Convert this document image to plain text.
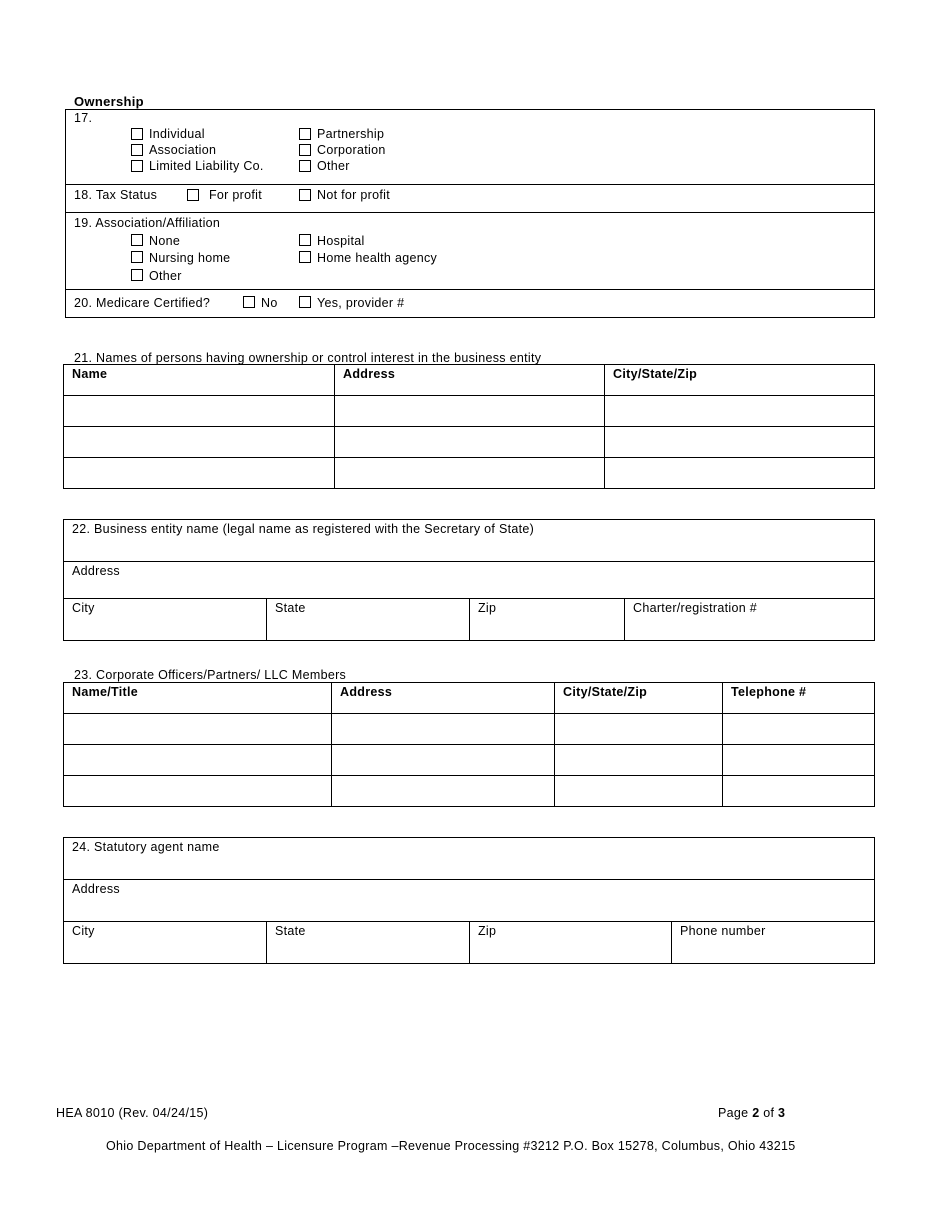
Ownership
17.
Individual
Association
Limited Liability Co.
Partnership
Corporation
Other
18. Tax Status	For profit	Not for profit
19. Association/Affiliation
None
Nursing home
Other
Hospital
Home health agency
20. Medicare Certified?	No	Yes, provider #
21. Names of persons having ownership or control interest in the business entity
Name	Address	City/State/Zip
22. Business entity name (legal name as registered with the Secretary of State)
Address
City	State	Zip	Charter/registration #
23. Corporate Officers/Partners/ LLC Members
Name/Title	Address	City/State/Zip	Telephone #
24. Statutory agent name
Address
City	State	Zip	Phone number
HEA 8010 (Rev. 04/24/15)	Page 2 of 3
Ohio Department of Health – Licensure Program –Revenue Processing #3212 P.O. Box 15278, Columbus, Ohio 43215
